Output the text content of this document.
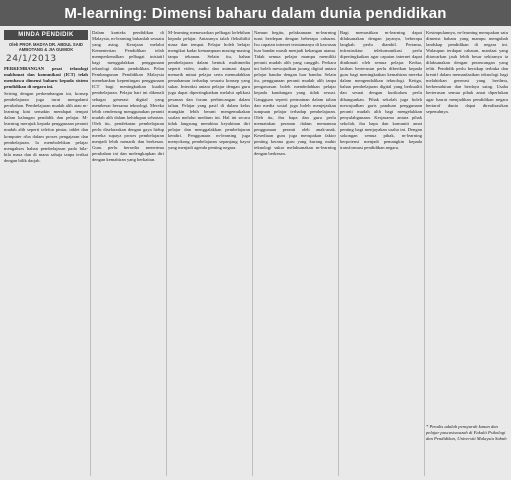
M-learning: Dimensi baharu dalam dunia pendidikan
MINDA PENDIDIK
Oleh PROF. MADYA DR. ABDUL SAID AMBOTANG & JIA GUMIOK
24/1/2013

PERKEMBANGAN pesat teknologi maklumat dan komunikasi (ICT) telah membawa dimensi baharu kepada sistem pendidikan di negara ini.

Seiring dengan perkembangan ini, konsep pembelajaran juga turut mengalami perubahan. Pembelajaran mudah alih atau m-learning kini semakin mendapat tempat dalam kalangan pendidik dan pelajar. M-learning merujuk kepada penggunaan peranti mudah alih seperti telefon pintar, tablet dan komputer riba dalam proses pengajaran dan pembelajaran. Ia membolehkan pelajar mengakses bahan pembelajaran pada bila-bila masa dan di mana sahaja tanpa terikat dengan bilik darjah.

Dalam konteks pendidikan di Malaysia, m-learning bukanlah sesuatu yang asing. Kerajaan melalui Kementerian Pendidikan telah memperkenalkan pelbagai inisiatif bagi menggalakkan penggunaan teknologi dalam pendidikan. Pelan Pembangunan Pendidikan Malaysia menekankan kepentingan penggunaan ICT bagi meningkatkan kualiti pembelajaran. Pelajar hari ini dikenali sebagai generasi digital yang membesar bersama teknologi. Mereka lebih cenderung menggunakan peranti mudah alih dalam kehidupan seharian. Oleh itu, pendekatan pembelajaran perlu diselaraskan dengan gaya hidup mereka supaya proses pembelajaran menjadi lebih menarik dan berkesan. Guru perlu bersedia menerima perubahan ini dan melengkapkan diri dengan kemahiran yang berkaitan.

M-learning menawarkan pelbagai kelebihan kepada pelajar. Antaranya ialah fleksibiliti masa dan tempat. Pelajar boleh belajar mengikut kadar kemampuan masing-masing tanpa tekanan. Selain itu, bahan pembelajaran dalam bentuk multimedia seperti video, audio dan animasi dapat menarik minat pelajar serta memudahkan pemahaman terhadap sesuatu konsep yang sukar. Interaksi antara pelajar dengan guru juga dapat dipertingkatkan melalui aplikasi pesanan dan forum perbincangan dalam talian. Pelajar yang pasif di dalam kelas mungkin lebih berani mengemukakan soalan melalui medium ini. Hal ini secara tidak langsung membina keyakinan diri pelajar dan menggalakkan pembelajaran kendiri. Penggunaan m-learning juga menyokong pembelajaran sepanjang hayat yang menjadi agenda penting negara.

Namun begitu, pelaksanaan m-learning turut berdepan dengan beberapa cabaran. Isu capaian internet terutamanya di kawasan luar bandar masih menjadi kekangan utama. Tidak semua pelajar mampu memiliki peranti mudah alih yang canggih. Perkara ini boleh mewujudkan jurang digital antara pelajar bandar dengan luar bandar. Selain itu, penggunaan peranti mudah alih tanpa pengawasan boleh mendedahkan pelajar kepada kandungan yang tidak sesuai. Gangguan seperti permainan dalam talian dan media sosial juga boleh menjejaskan tumpuan pelajar terhadap pembelajaran. Oleh itu, ibu bapa dan guru perlu memainkan peranan dalam memantau penggunaan peranti oleh anak-anak. Kesediaan guru juga merupakan faktor penting kerana guru yang kurang mahir teknologi sukar melaksanakan m-learning dengan berkesan.

Bagi memastikan m-learning dapat dilaksanakan dengan jayanya, beberapa langkah perlu diambil. Pertama, infrastruktur telekomunikasi perlu dipertingkatkan agar capaian internet dapat dinikmati oleh semua pelajar. Kedua, latihan berterusan perlu diberikan kepada guru bagi meningkatkan kemahiran mereka dalam mengendalikan teknologi. Ketiga, bahan pembelajaran digital yang berkualiti dan sesuai dengan kurikulum perlu dibangunkan. Pihak sekolah juga boleh mewujudkan garis panduan penggunaan peranti mudah alih bagi mengelakkan penyalahgunaan. Kerjasama antara pihak sekolah, ibu bapa dan komuniti amat penting bagi menjayakan usaha ini. Dengan sokongan semua pihak, m-learning berpotensi menjadi pemangkin kepada transformasi pendidikan negara.

Kesimpulannya, m-learning merupakan satu dimensi baharu yang mampu mengubah landskap pendidikan di negara ini. Walaupun terdapat cabaran, manfaat yang ditawarkan jauh lebih besar sekiranya ia dilaksanakan dengan perancangan yang teliti. Pendidik perlu bersikap terbuka dan kreatif dalam memanfaatkan teknologi bagi melahirkan generasi yang berilmu, berkemahiran dan berdaya saing. Usaha berterusan semua pihak amat diperlukan agar hasrat menjadikan pendidikan negara bertaraf dunia dapat direalisasikan sepenuhnya.

* Penulis adalah pensyarah kanan dan pelajar pascasiswazah di Fakulti Psikologi dan Pendidikan, Universiti Malaysia Sabah
